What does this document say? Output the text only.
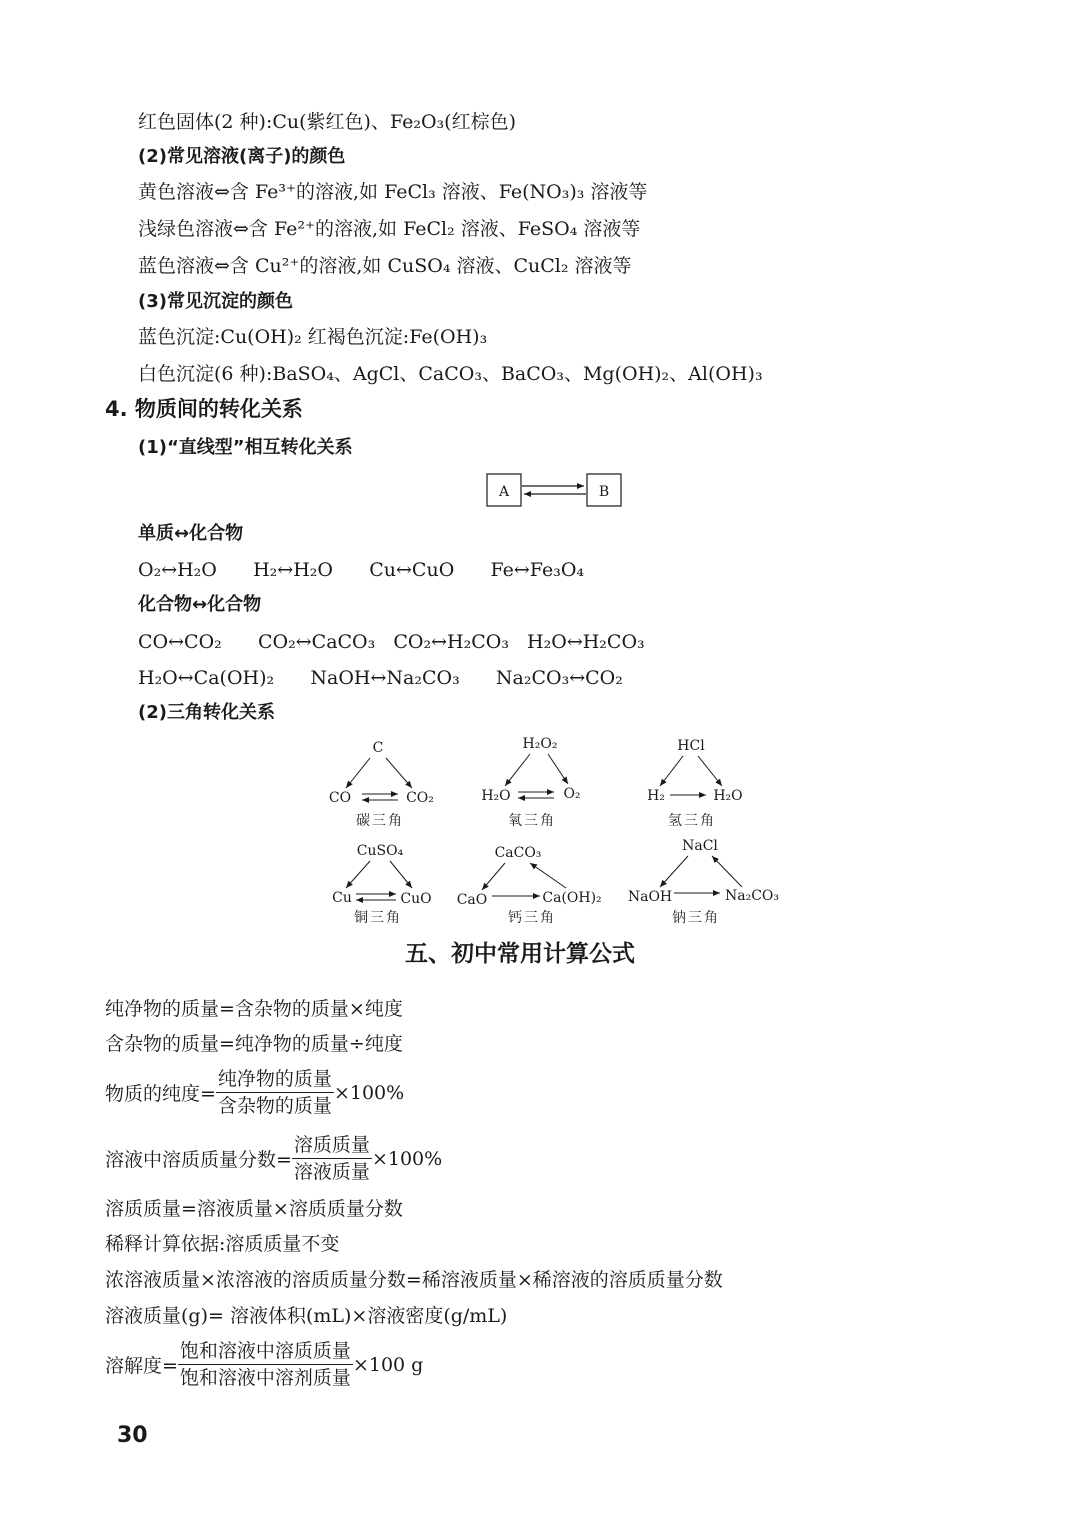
红色固体(2 种):Cu(紫红色)、Fe₂O₃(红棕色)
(2)常见溶液(离子)的颜色
黄色溶液⇔含 Fe³⁺的溶液,如 FeCl₃ 溶液、Fe(NO₃)₃ 溶液等
浅绿色溶液⇔含 Fe²⁺的溶液,如 FeCl₂ 溶液、FeSO₄ 溶液等
蓝色溶液⇔含 Cu²⁺的溶液,如 CuSO₄ 溶液、CuCl₂ 溶液等
(3)常见沉淀的颜色
蓝色沉淀:Cu(OH)₂ 红褐色沉淀:Fe(OH)₃
白色沉淀(6 种):BaSO₄、AgCl、CaCO₃、BaCO₃、Mg(OH)₂、Al(OH)₃
4. 物质间的转化关系
(1)“直线型”相互转化关系
A	B
单质↔化合物
O₂↔H₂O      H₂↔H₂O      Cu↔CuO      Fe↔Fe₃O₄
化合物↔化合物
CO↔CO₂      CO₂↔CaCO₃   CO₂↔H₂CO₃   H₂O↔H₂CO₃
H₂O↔Ca(OH)₂      NaOH↔Na₂CO₃      Na₂CO₃↔CO₂
(2)三角转化关系
C
CO	CO₂
碳三角
H₂O₂
H₂O	O₂
氧三角
HCl
H₂	H₂O
氢三角
CuSO₄
Cu	CuO
铜三角
CaCO₃
CaO	Ca(OH)₂
钙三角
NaCl
NaOH	Na₂CO₃
钠三角
五、初中常用计算公式
纯净物的质量=含杂物的质量×纯度
含杂物的质量=纯净物的质量÷纯度
物质的纯度= $\frac{\text{纯净物的质量}}{\text{含杂物的质量}} \times 100\%$
溶液中溶质质量分数= $\frac{\text{溶质质量}}{\text{溶液质量}} \times 100\%$
溶质质量=溶液质量×溶质质量分数
稀释计算依据:溶质质量不变
浓溶液质量×浓溶液的溶质质量分数=稀溶液质量×稀溶液的溶质质量分数
溶液质量(g)= 溶液体积(mL)×溶液密度(g/mL)
溶解度= $\frac{\text{饱和溶液中溶质质量}}{\text{饱和溶液中溶剂质量}} \times 100$ g
30
